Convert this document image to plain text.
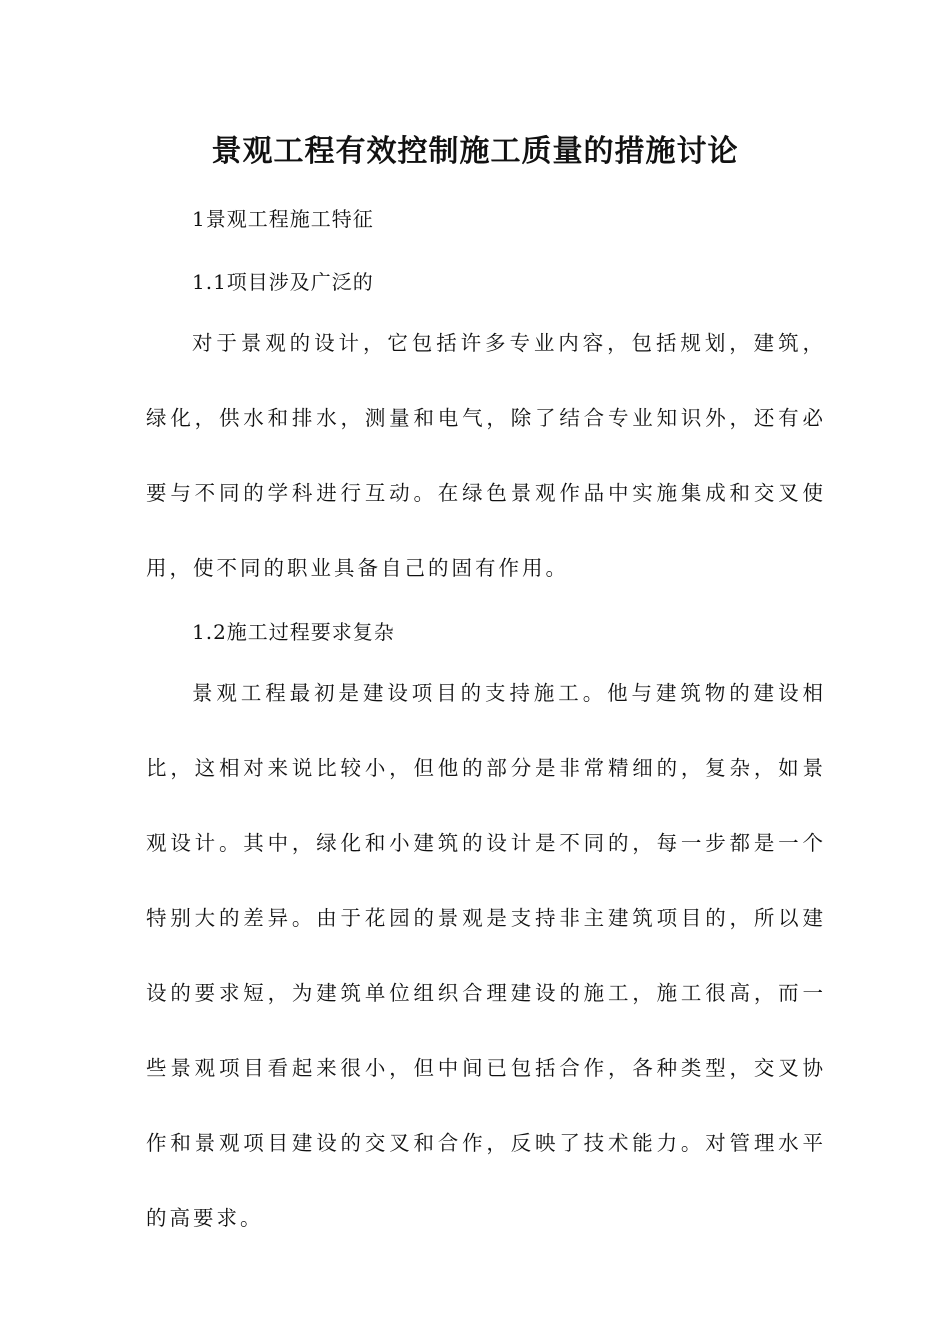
景观工程有效控制施工质量的措施讨论
1景观工程施工特征
1.1项目涉及广泛的

对于景观的设计，它包括许多专业内容，包括规划，建筑，绿化，供水和排水，测量和电气，除了结合专业知识外，还有必要与不同的学科进行互动。在绿色景观作品中实施集成和交叉使用，使不同的职业具备自己的固有作用。

1.2施工过程要求复杂

景观工程最初是建设项目的支持施工。他与建筑物的建设相比，这相对来说比较小，但他的部分是非常精细的，复杂，如景观设计。其中，绿化和小建筑的设计是不同的，每一步都是一个特别大的差异。由于花园的景观是支持非主建筑项目的，所以建设的要求短，为建筑单位组织合理建设的施工，施工很高，而一些景观项目看起来很小，但中间已包括合作，各种类型，交叉协作和景观项目建设的交叉和合作，反映了技术能力。对管理水平的高要求。
